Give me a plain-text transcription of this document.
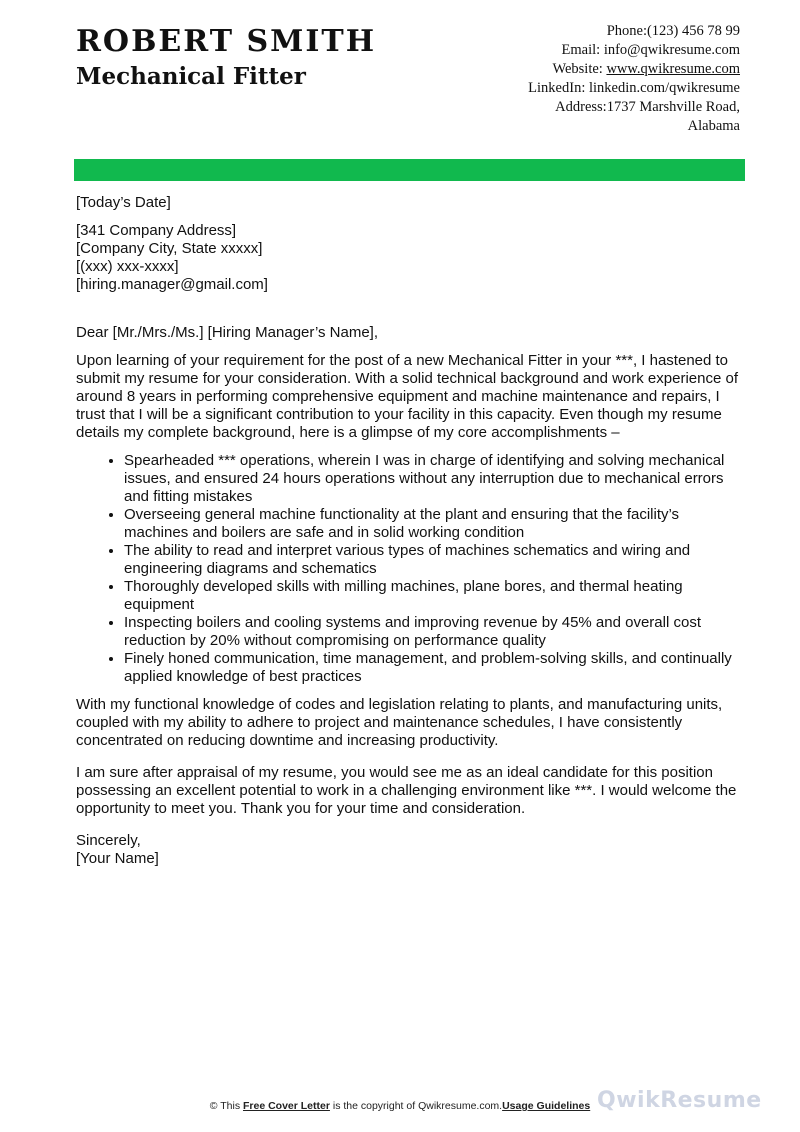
ROBERT SMITH
Mechanical Fitter
Phone:(123) 456 78 99
Email: info@qwikresume.com
Website: www.qwikresume.com
LinkedIn: linkedin.com/qwikresume
Address:1737 Marshville Road,
Alabama

[Today’s Date]

[341 Company Address]

[Company City, State xxxxx]

[(xxx) xxx-xxxx]

[hiring.manager@gmail.com]

Dear [Mr./Mrs./Ms.] [Hiring Manager’s Name],

Upon learning of your requirement for the post of a new Mechanical Fitter in your ***, I hastened to submit my resume for your consideration. With a solid technical background and work experience of around 8 years in performing comprehensive equipment and machine maintenance and repairs, I trust that I will be a significant contribution to your facility in this capacity. Even though my resume details my complete background, here is a glimpse of my core accomplishments –

• Spearheaded *** operations, wherein I was in charge of identifying and solving mechanical issues, and ensured 24 hours operations without any interruption due to mechanical errors and fitting mistakes
• Overseeing general machine functionality at the plant and ensuring that the facility’s machines and boilers are safe and in solid working condition
• The ability to read and interpret various types of machines schematics and wiring and engineering diagrams and schematics
• Thoroughly developed skills with milling machines, plane bores, and thermal heating equipment
• Inspecting boilers and cooling systems and improving revenue by 45% and overall cost reduction by 20% without compromising on performance quality
• Finely honed communication, time management, and problem-solving skills, and continually applied knowledge of best practices

With my functional knowledge of codes and legislation relating to plants, and manufacturing units, coupled with my ability to adhere to project and maintenance schedules, I have consistently concentrated on reducing downtime and increasing productivity.

I am sure after appraisal of my resume, you would see me as an ideal candidate for this position possessing an excellent potential to work in a challenging environment like ***. I would welcome the opportunity to meet you. Thank you for your time and consideration.

Sincerely,

[Your Name]

QwikResume
© This Free Cover Letter is the copyright of Qwikresume.com.Usage Guidelines
